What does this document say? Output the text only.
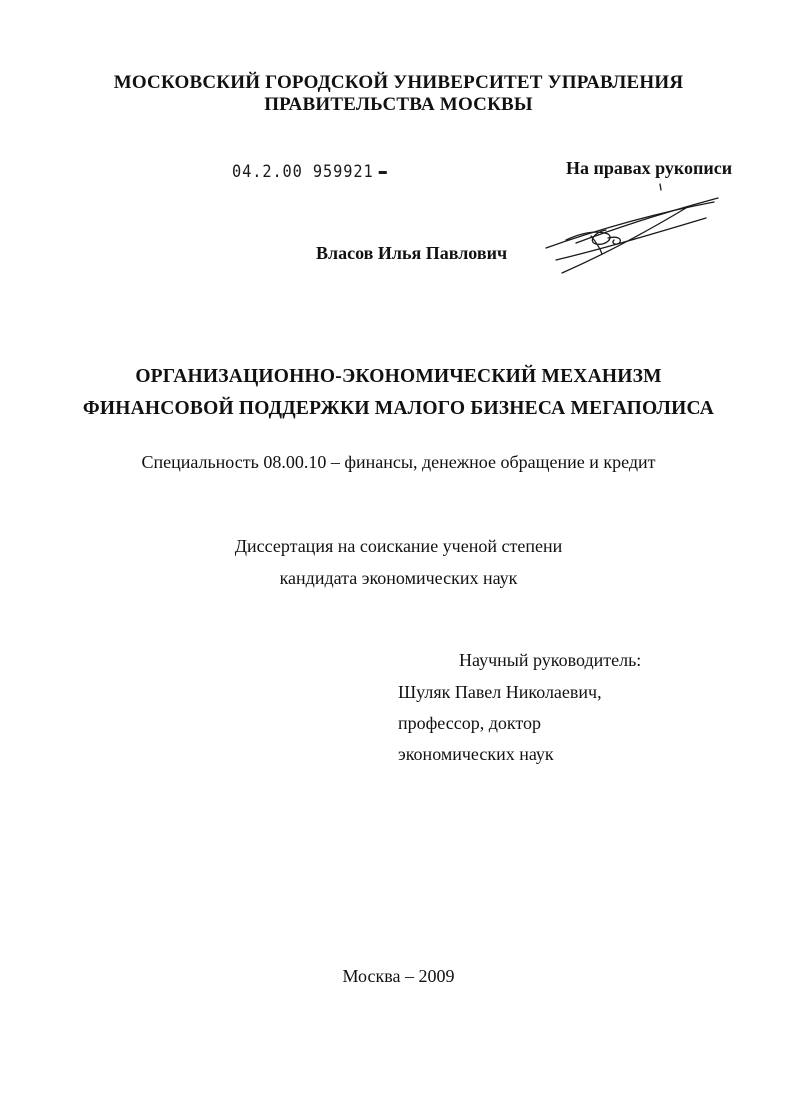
МОСКОВСКИЙ ГОРОДСКОЙ УНИВЕРСИТЕТ УПРАВЛЕНИЯ
ПРАВИТЕЛЬСТВА МОСКВЫ
04.2.00 959921	На правах рукописи
Власов Илья Павлович
ОРГАНИЗАЦИОННО-ЭКОНОМИЧЕСКИЙ МЕХАНИЗМ
ФИНАНСОВОЙ ПОДДЕРЖКИ МАЛОГО БИЗНЕСА МЕГАПОЛИСА
Специальность 08.00.10 – финансы, денежное обращение и кредит
Диссертация на соискание ученой степени
кандидата экономических наук
Научный руководитель:
Шуляк Павел Николаевич,
профессор, доктор
экономических наук
Москва – 2009
